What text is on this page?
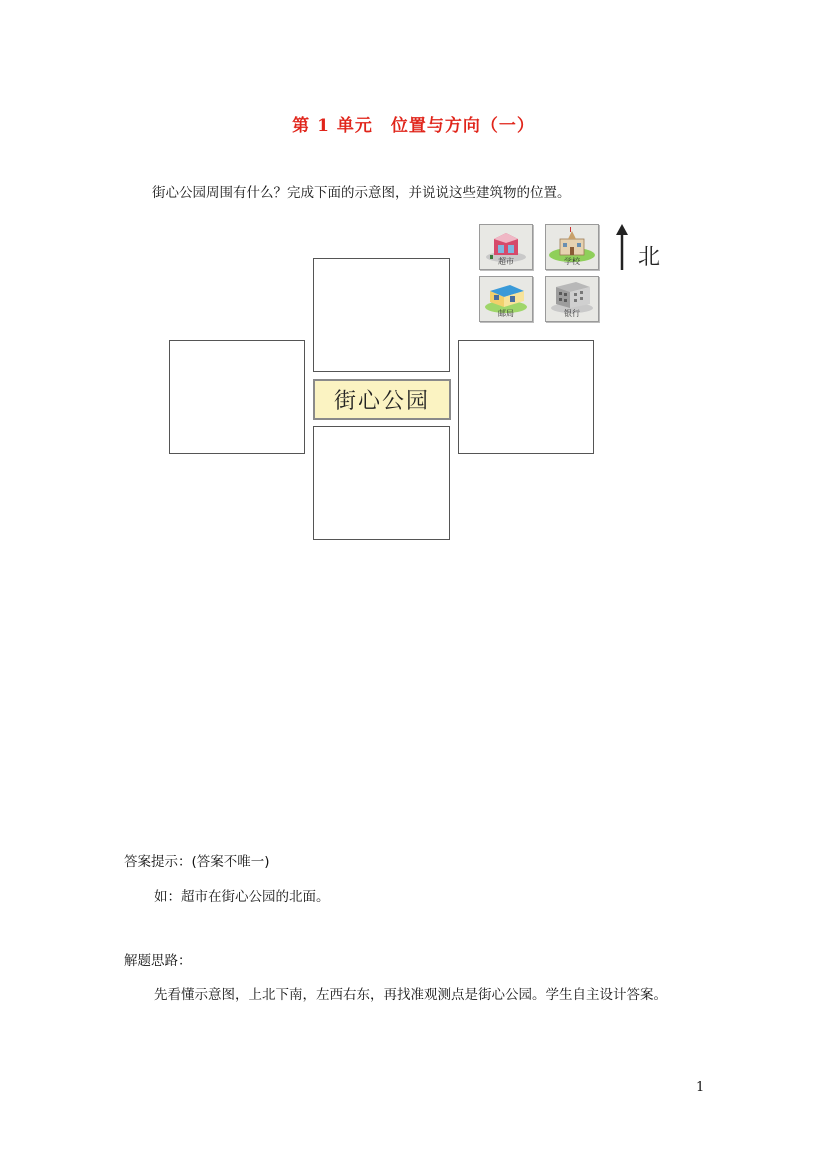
第 1 单元　位置与方向（一）
街心公园周围有什么？完成下面的示意图，并说说这些建筑物的位置。
街心公园
超市	学校
邮局	银行
北
答案提示：(答案不唯一)
如：超市在街心公园的北面。
解题思路：
先看懂示意图，上北下南，左西右东，再找准观测点是街心公园。学生自主设计答案。
1
